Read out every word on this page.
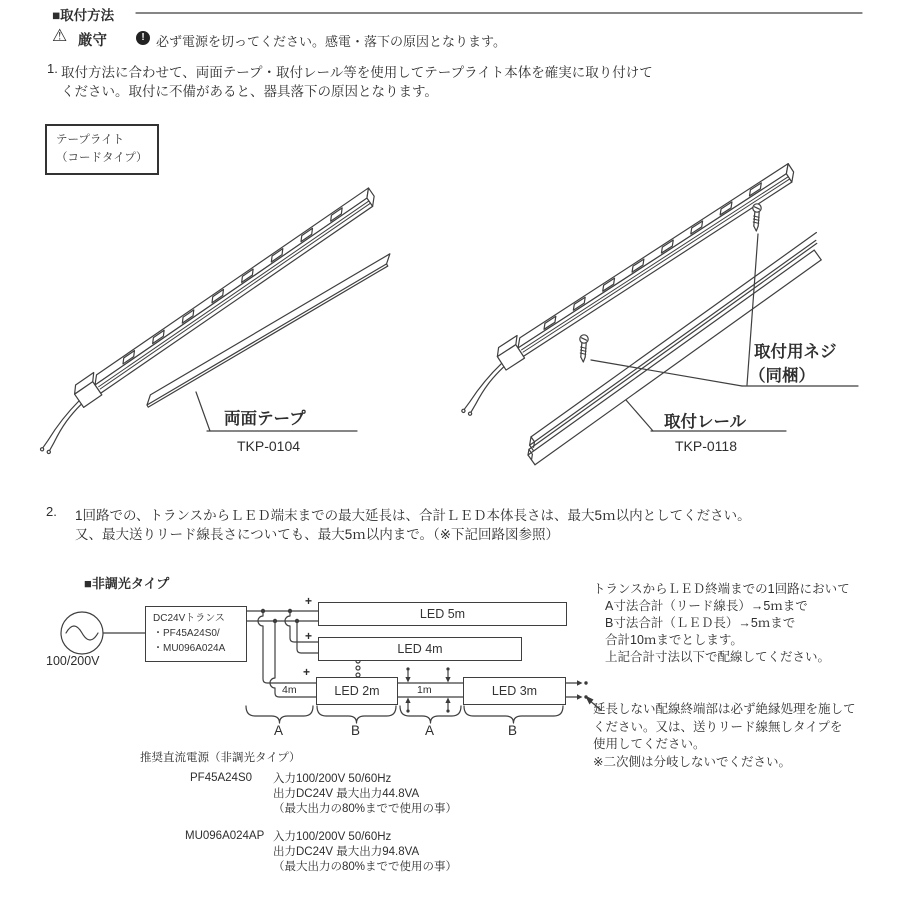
■取付方法
⚠ 厳守	! 必ず電源を切ってください。感電・落下の原因となります。
1. 取付方法に合わせて、両面テープ・取付レール等を使用してテープライト本体を確実に取り付けて
ください。取付に不備があると、器具落下の原因となります。
テープライト
（コードタイプ）
両面テープ
TKP-0104
取付用ネジ
（同梱）
取付レール
TKP-0118
2. 1回路での、トランスからＬＥＤ端末までの最大延長は、合計ＬＥＤ本体長さは、最大5ｍ以内としてください。
又、最大送りリード線長さについても、最大5ｍ以内まで。（※下記回路図参照）
■非調光タイプ
100/200V
DC24Vトランス
・PF45A24S0/
・MU096A024A
+
+
+
LED 5m
LED 4m
LED 2m	LED 3m
4m	1m
A	B	A	B
トランスからＬＥＤ終端までの1回路において
A寸法合計（リード線長）→5ｍまで
B寸法合計（ＬＥＤ長）→5ｍまで
合計10ｍまでとします。
上記合計寸法以下で配線してください。
延長しない配線終端部は必ず絶縁処理を施して
ください。又は、送りリード線無しタイプを
使用してください。
※二次側は分岐しないでください。
推奨直流電源（非調光タイプ）
PF45A24S0 入力100/200V 50/60Hz
出力DC24V 最大出力44.8VA
（最大出力の80%までで使用の事）
MU096A024AP 入力100/200V 50/60Hz
出力DC24V 最大出力94.8VA
（最大出力の80%までで使用の事）
